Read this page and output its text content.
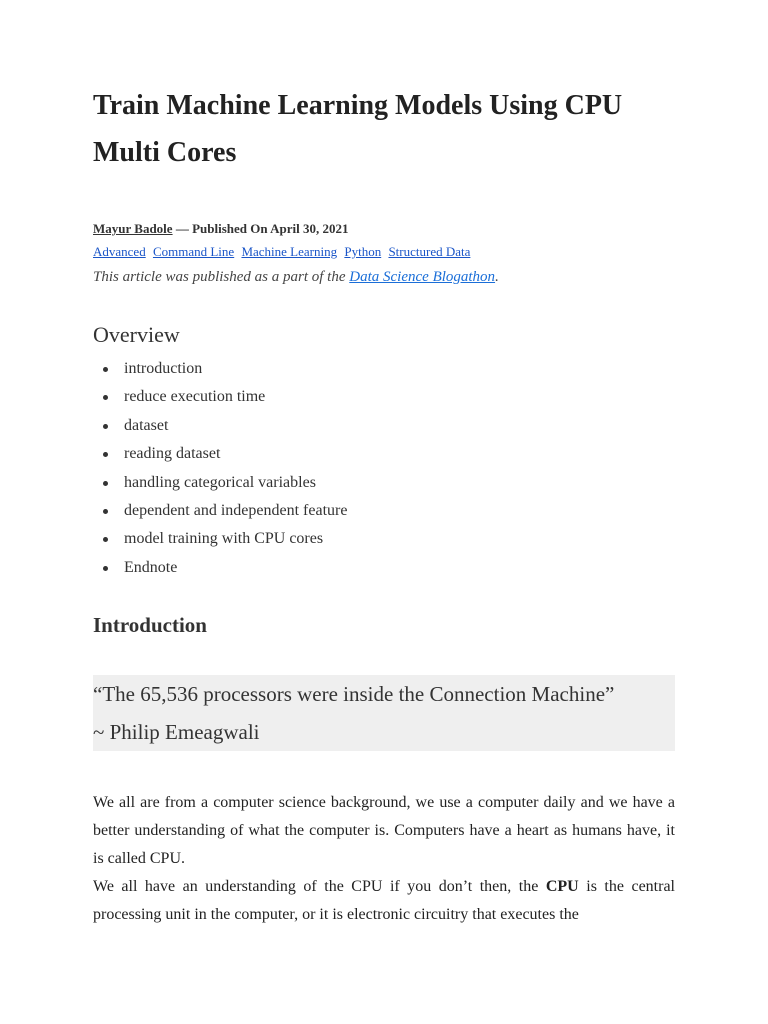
Train Machine Learning Models Using CPU Multi Cores
Mayur Badole — Published On April 30, 2021
Advanced Command Line Machine Learning Python Structured Data
This article was published as a part of the Data Science Blogathon.
Overview
introduction
reduce execution time
dataset
reading dataset
handling categorical variables
dependent and independent feature
model training with CPU cores
Endnote
Introduction
“The 65,536 processors were inside the Connection Machine”
~ Philip Emeagwali
We all are from a computer science background, we use a computer daily and we have a better understanding of what the computer is. Computers have a heart as humans have, it is called CPU.
We all have an understanding of the CPU if you don’t then, the CPU is the central processing unit in the computer, or it is electronic circuitry that executes the
